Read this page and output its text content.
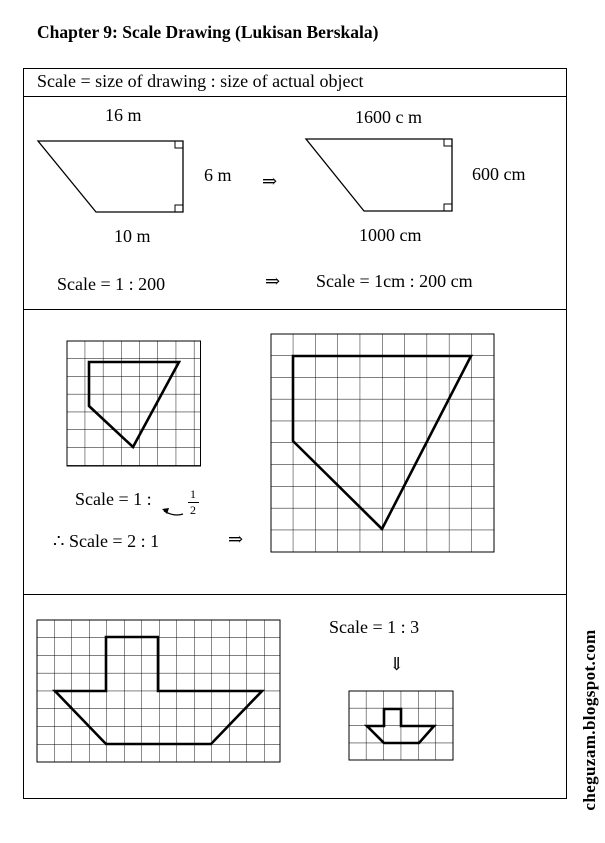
Chapter 9: Scale Drawing (Lukisan Berskala)
Scale = size of drawing : size of actual object
16 m
6 m
10 m
⇒
1600 c m
600 cm
1000 cm
Scale = 1 : 200	⇒ Scale = 1cm : 200 cm
Scale = 1 :	1
2
∴ Scale = 2 : 1	⇒
Scale = 1 : 3
⇓	cheguzam.blogspot.com
